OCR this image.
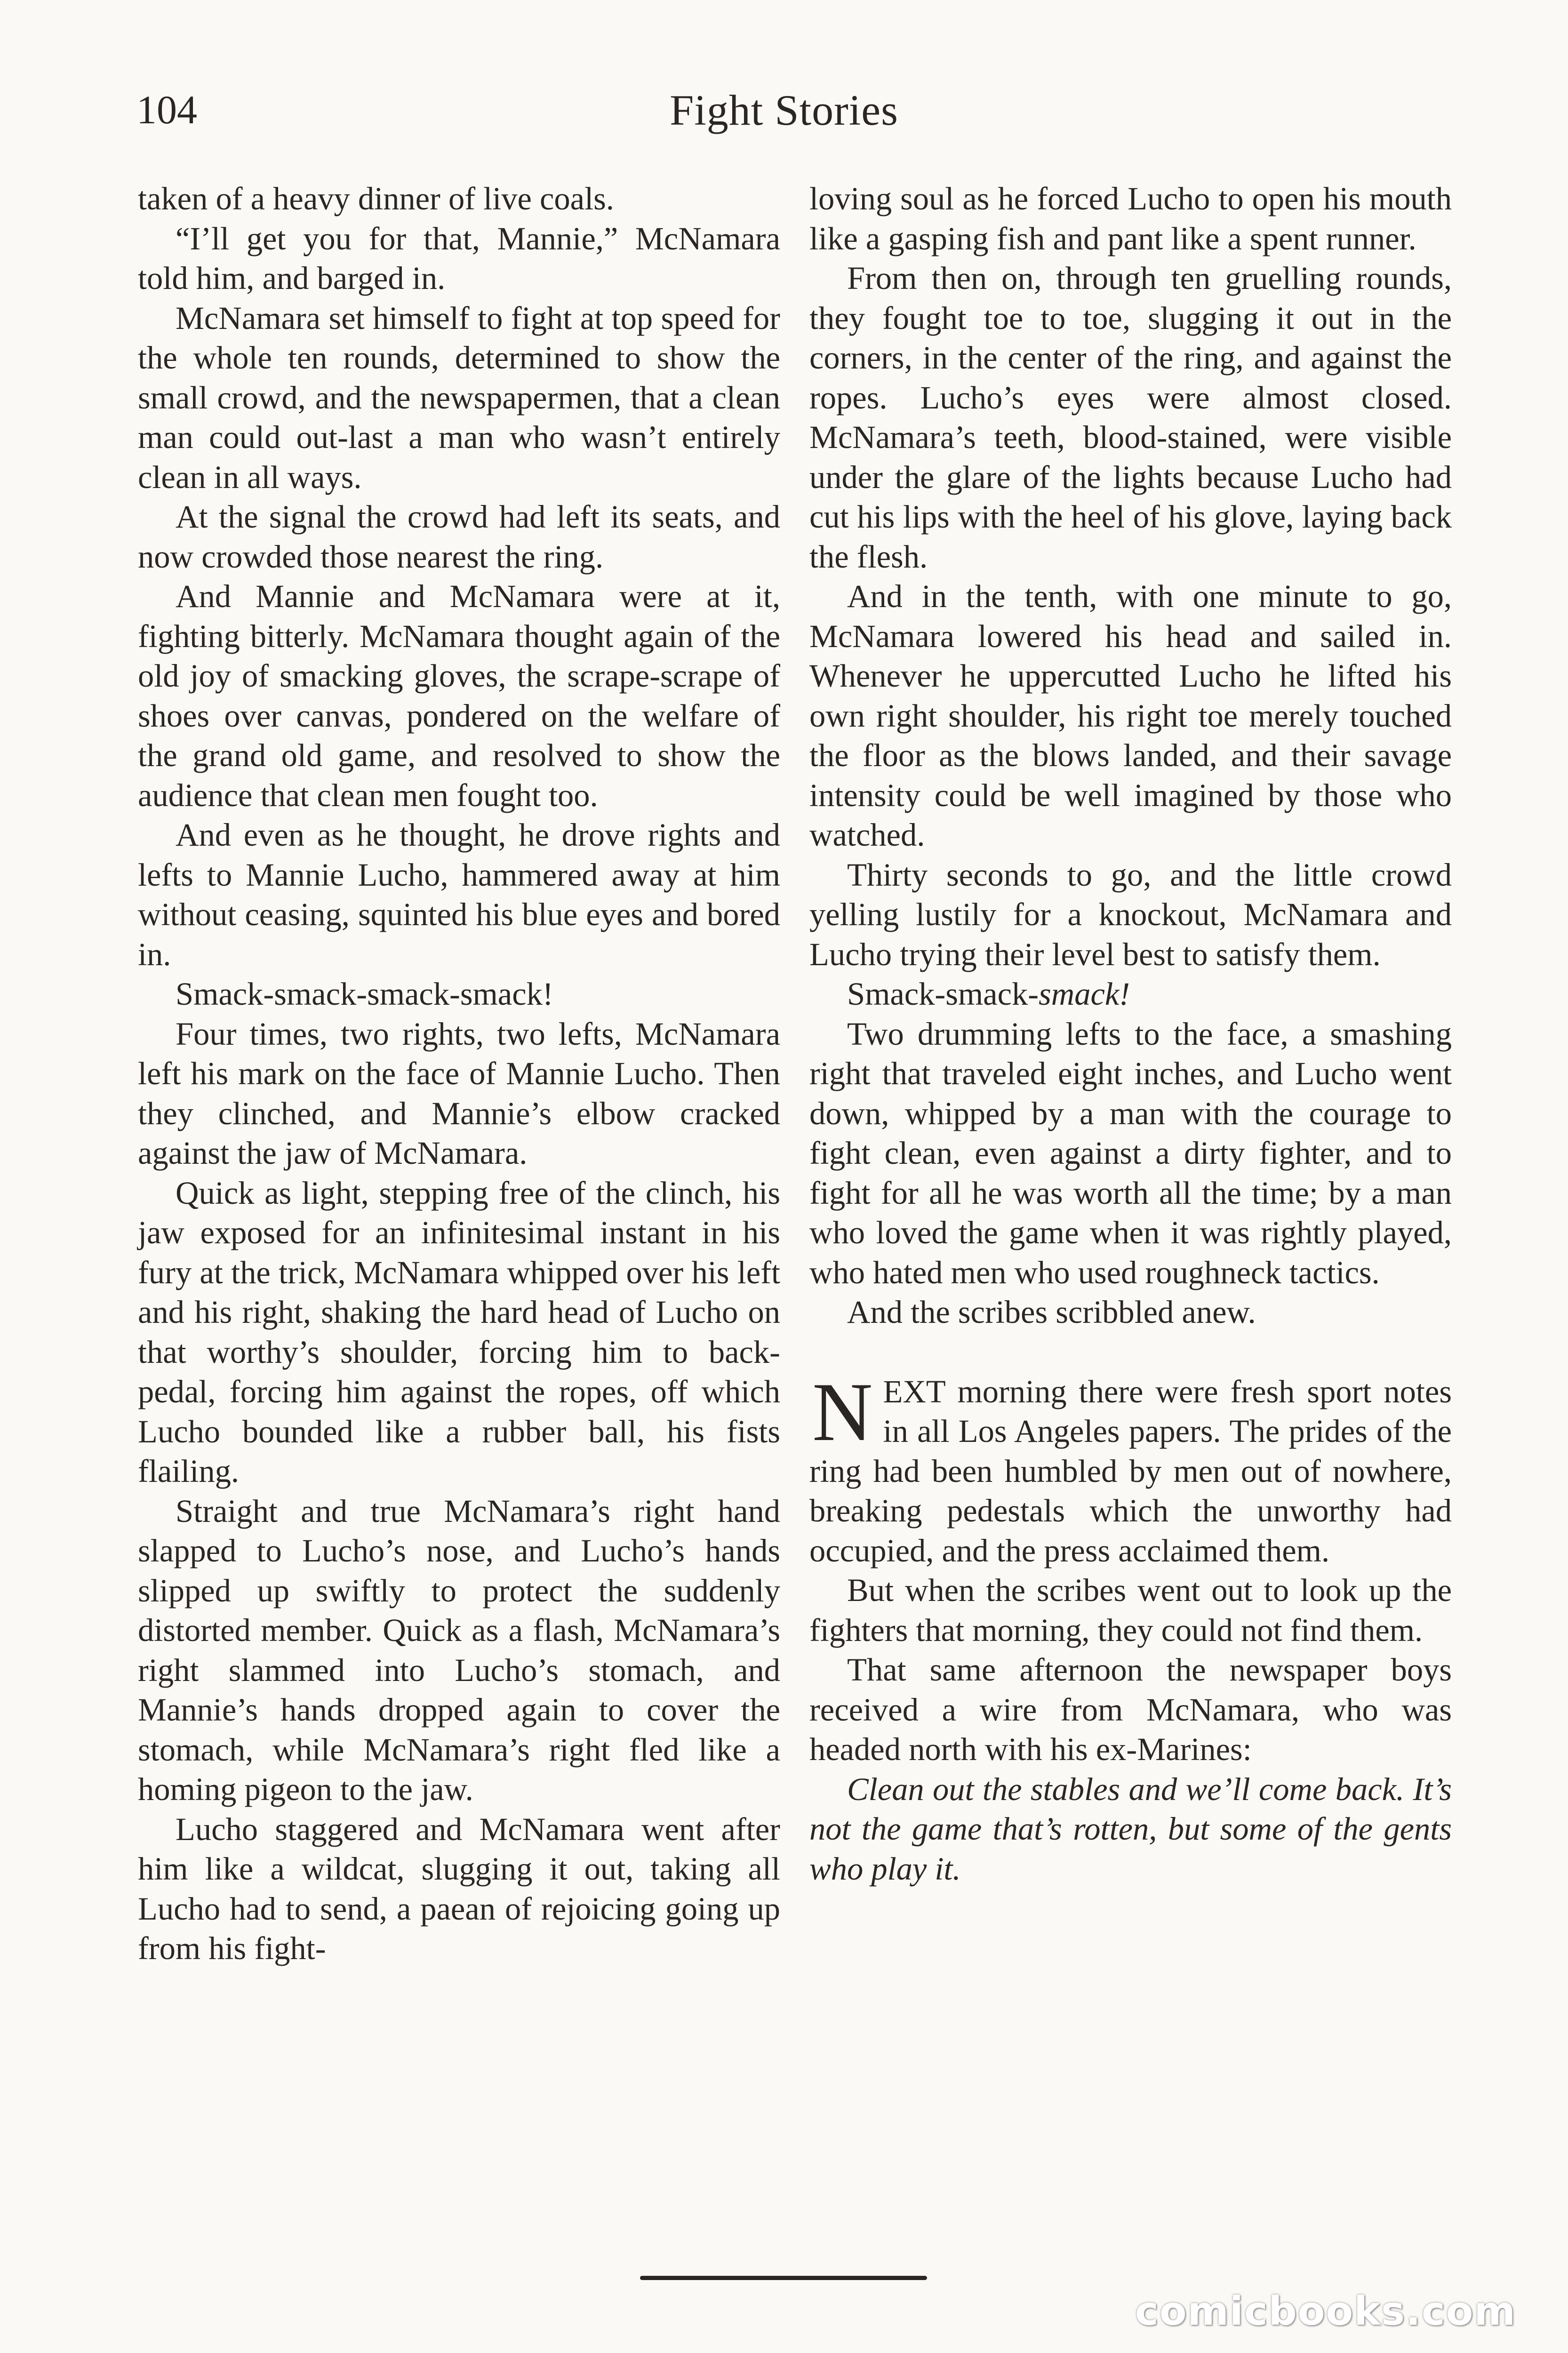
104	Fight Stories

taken of a heavy dinner of live coals.

“I’ll get you for that, Mannie,” McNamara told him, and barged in.

McNamara set himself to fight at top speed for the whole ten rounds, determined to show the small crowd, and the newspapermen, that a clean man could out-last a man who wasn’t entirely clean in all ways.

At the signal the crowd had left its seats, and now crowded those nearest the ring.

And Mannie and McNamara were at it, fighting bitterly. McNamara thought again of the old joy of smacking gloves, the scrape-scrape of shoes over canvas, pondered on the welfare of the grand old game, and resolved to show the audience that clean men fought too.

And even as he thought, he drove rights and lefts to Mannie Lucho, hammered away at him without ceasing, squinted his blue eyes and bored in.

Smack-smack-smack-smack!

Four times, two rights, two lefts, McNamara left his mark on the face of Mannie Lucho. Then they clinched, and Mannie’s elbow cracked against the jaw of McNamara.

Quick as light, stepping free of the clinch, his jaw exposed for an infinitesimal instant in his fury at the trick, McNamara whipped over his left and his right, shaking the hard head of Lucho on that worthy’s shoulder, forcing him to back-pedal, forcing him against the ropes, off which Lucho bounded like a rubber ball, his fists flailing.

Straight and true McNamara’s right hand slapped to Lucho’s nose, and Lucho’s hands slipped up swiftly to protect the suddenly distorted member. Quick as a flash, McNamara’s right slammed into Lucho’s stomach, and Mannie’s hands dropped again to cover the stomach, while McNamara’s right fled like a homing pigeon to the jaw.

Lucho staggered and McNamara went after him like a wildcat, slugging it out, taking all Lucho had to send, a paean of rejoicing going up from his fight-

loving soul as he forced Lucho to open his mouth like a gasping fish and pant like a spent runner.

From then on, through ten gruelling rounds, they fought toe to toe, slugging it out in the corners, in the center of the ring, and against the ropes. Lucho’s eyes were almost closed. McNamara’s teeth, blood-stained, were visible under the glare of the lights because Lucho had cut his lips with the heel of his glove, laying back the flesh.

And in the tenth, with one minute to go, McNamara lowered his head and sailed in. Whenever he uppercutted Lucho he lifted his own right shoulder, his right toe merely touched the floor as the blows landed, and their savage intensity could be well imagined by those who watched.

Thirty seconds to go, and the little crowd yelling lustily for a knockout, McNamara and Lucho trying their level best to satisfy them.

Smack-smack-smack!

Two drumming lefts to the face, a smashing right that traveled eight inches, and Lucho went down, whipped by a man with the courage to fight clean, even against a dirty fighter, and to fight for all he was worth all the time; by a man who loved the game when it was rightly played, who hated men who used roughneck tactics.

And the scribes scribbled anew.

NEXT morning there were fresh sport notes in all Los Angeles papers. The prides of the ring had been humbled by men out of nowhere, breaking pedestals which the unworthy had occupied, and the press acclaimed them.

But when the scribes went out to look up the fighters that morning, they could not find them.

That same afternoon the newspaper boys received a wire from McNamara, who was headed north with his ex-Marines:

Clean out the stables and we’ll come back. It’s not the game that’s rotten, but some of the gents who play it.

comicbooks.com
